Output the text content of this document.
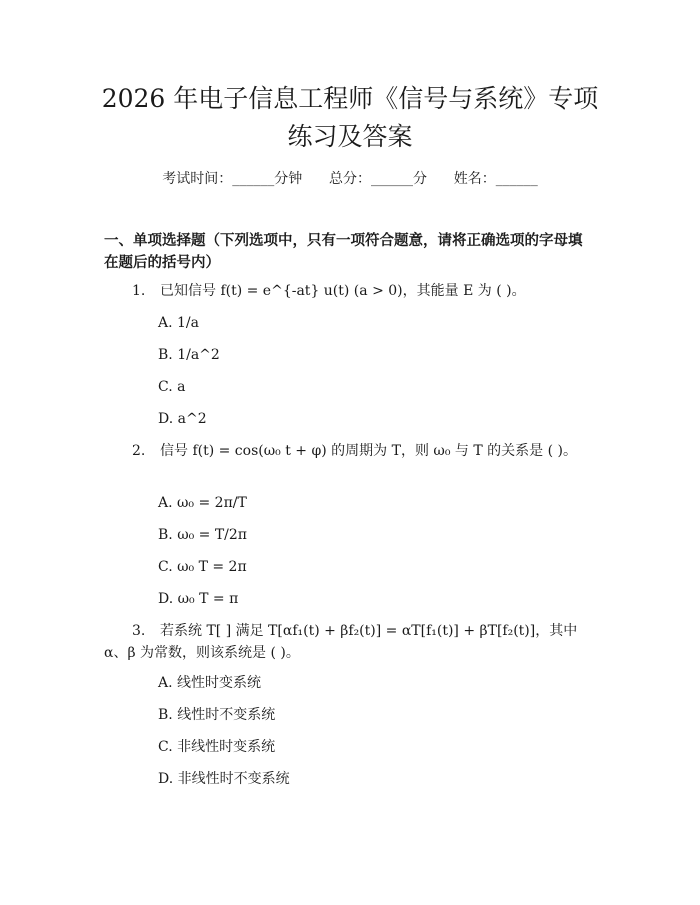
2026 年电子信息工程师《信号与系统》专项
练习及答案
考试时间：______分钟      总分：______分      姓名：______
一、单项选择题（下列选项中，只有一项符合题意，请将正确选项的字母填在题后的括号内）
1. 已知信号 f(t) = e^{-at} u(t) (a > 0)，其能量 E 为 ( )。
A. 1/a
B. 1/a^2
C. a
D. a^2
2. 信号 f(t) = cos(ω₀ t + φ) 的周期为 T，则 ω₀ 与 T 的关系是 ( )。
A. ω₀ = 2π/T
B. ω₀ = T/2π
C. ω₀ T = 2π
D. ω₀ T = π
3. 若系统 T[ ] 满足 T[αf₁(t) + βf₂(t)] = αT[f₁(t)] + βT[f₂(t)]，其中 α、β 为常数，则该系统是 ( )。
A. 线性时变系统
B. 线性时不变系统
C. 非线性时变系统
D. 非线性时不变系统
